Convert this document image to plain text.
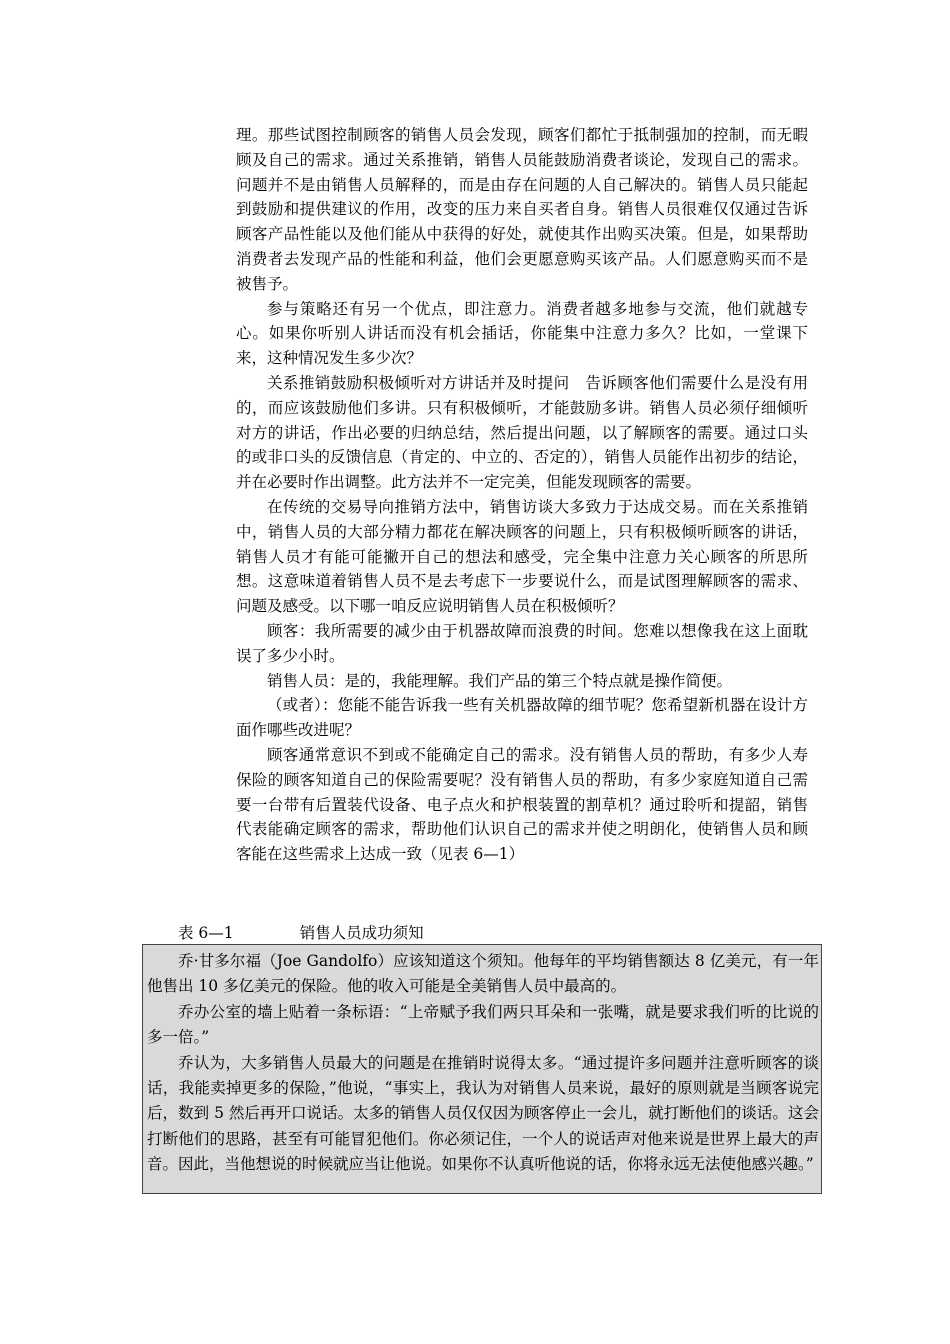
理。那些试图控制顾客的销售人员会发现，顾客们都忙于抵制强加的控制，而无暇顾及自己的需求。通过关系推销，销售人员能鼓励消费者谈论，发现自己的需求。问题并不是由销售人员解释的，而是由存在问题的人自己解决的。销售人员只能起到鼓励和提供建议的作用，改变的压力来自买者自身。销售人员很难仅仅通过告诉顾客产品性能以及他们能从中获得的好处，就使其作出购买决策。但是，如果帮助消费者去发现产品的性能和利益，他们会更愿意购买该产品。人们愿意购买而不是被售予。

参与策略还有另一个优点，即注意力。消费者越多地参与交流，他们就越专心。如果你听别人讲话而没有机会插话，你能集中注意力多久？比如，一堂课下来，这种情况发生多少次？

关系推销鼓励积极倾听对方讲话并及时提问　告诉顾客他们需要什么是没有用的，而应该鼓励他们多讲。只有积极倾听，才能鼓励多讲。销售人员必须仔细倾听对方的讲话，作出必要的归纳总结，然后提出问题，以了解顾客的需要。通过口头的或非口头的反馈信息（肯定的、中立的、否定的），销售人员能作出初步的结论，并在必要时作出调整。此方法并不一定完美，但能发现顾客的需要。

在传统的交易导向推销方法中，销售访谈大多致力于达成交易。而在关系推销中，销售人员的大部分精力都花在解决顾客的问题上，只有积极倾听顾客的讲话，销售人员才有能可能撇开自己的想法和感受，完全集中注意力关心顾客的所思所想。这意味道着销售人员不是去考虑下一步要说什么，而是试图理解顾客的需求、问题及感受。以下哪一咱反应说明销售人员在积极倾听？

顾客：我所需要的减少由于机器故障而浪费的时间。您难以想像我在这上面耽误了多少小时。

销售人员：是的，我能理解。我们产品的第三个特点就是操作简便。

（或者）：您能不能告诉我一些有关机器故障的细节呢？您希望新机器在设计方面作哪些改进呢？

顾客通常意识不到或不能确定自己的需求。没有销售人员的帮助，有多少人寿保险的顾客知道自己的保险需要呢？没有销售人员的帮助，有多少家庭知道自己需要一台带有后置装代设备、电子点火和护根装置的割草机？通过聆听和提韶，销售代表能确定顾客的需求，帮助他们认识自己的需求并使之明朗化，使销售人员和顾客能在这些需求上达成一致（见表 6—1）

表 6—1	销售人员成功须知

乔·甘多尔福（Joe Gandolfo）应该知道这个须知。他每年的平均销售额达 8 亿美元，有一年他售出 10 多亿美元的保险。他的收入可能是全美销售人员中最高的。

乔办公室的墙上贴着一条标语：“上帝赋予我们两只耳朵和一张嘴，就是要求我们听的比说的多一倍。”

乔认为，大多销售人员最大的问题是在推销时说得太多。“通过提许多问题并注意听顾客的谈话，我能卖掉更多的保险，”他说，“事实上，我认为对销售人员来说，最好的原则就是当顾客说完后，数到 5 然后再开口说话。太多的销售人员仅仅因为顾客停止一会儿，就打断他们的谈话。这会打断他们的思路，甚至有可能冒犯他们。你必须记住，一个人的说话声对他来说是世界上最大的声音。因此，当他想说的时候就应当让他说。如果你不认真听他说的话，你将永远无法使他感兴趣。”
